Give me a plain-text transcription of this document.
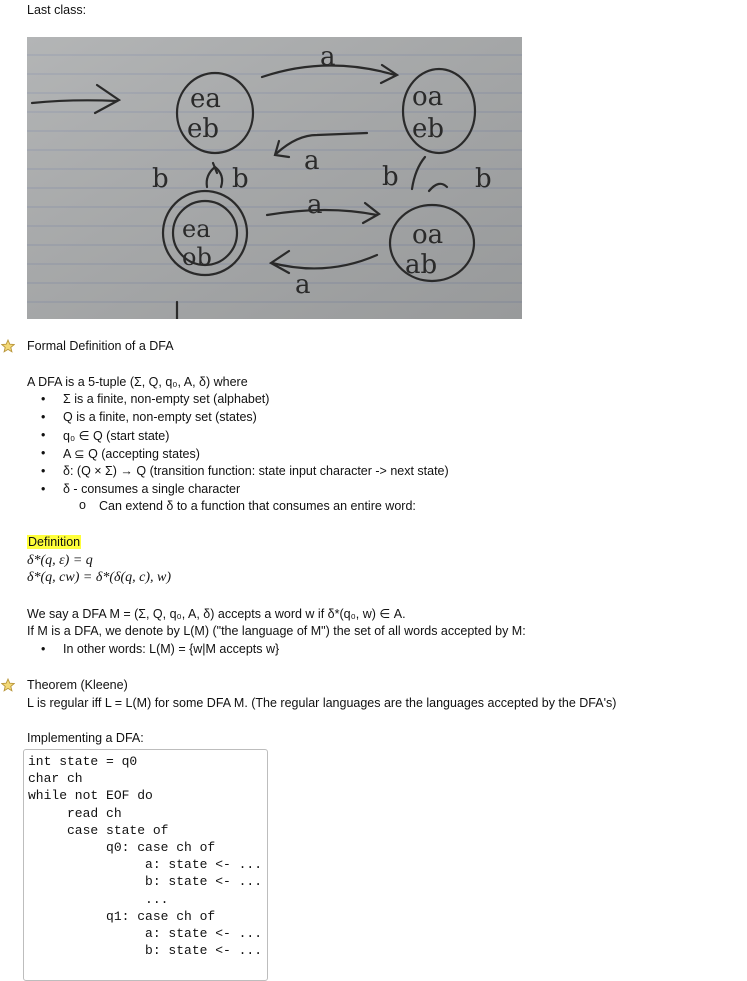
Last class:
ea
eb
oa
eb
ea
ob
oa
ab
a
a
a
a
b b	b	b
Formal Definition of a DFA
A DFA is a 5-tuple (Σ, Q, q₀, A, δ) where
• Σ is a finite, non-empty set (alphabet)
• Q is a finite, non-empty set (states)
• q₀ ∈ Q (start state)
• A ⊆ Q (accepting states)
• δ: (Q × Σ) → Q (transition function: state input character -> next state)
• δ - consumes a single character
o Can extend δ to a function that consumes an entire word:
Definition
δ*(q, ε) = q
δ*(q, cw) = δ*(δ(q, c), w)
We say a DFA M = (Σ, Q, q₀, A, δ) accepts a word w if δ*(q₀, w) ∈ A.
If M is a DFA, we denote by L(M) ("the language of M") the set of all words accepted by M:
• In other words: L(M) = {w|M accepts w}
Theorem (Kleene)
L is regular iff L = L(M) for some DFA M. (The regular languages are the languages accepted by the DFA's)
Implementing a DFA:
int state = q0
char ch
while not EOF do
read ch
case state of
q0: case ch of
a: state <- ...
b: state <- ...
...
q1: case ch of
a: state <- ...
b: state <- ...
